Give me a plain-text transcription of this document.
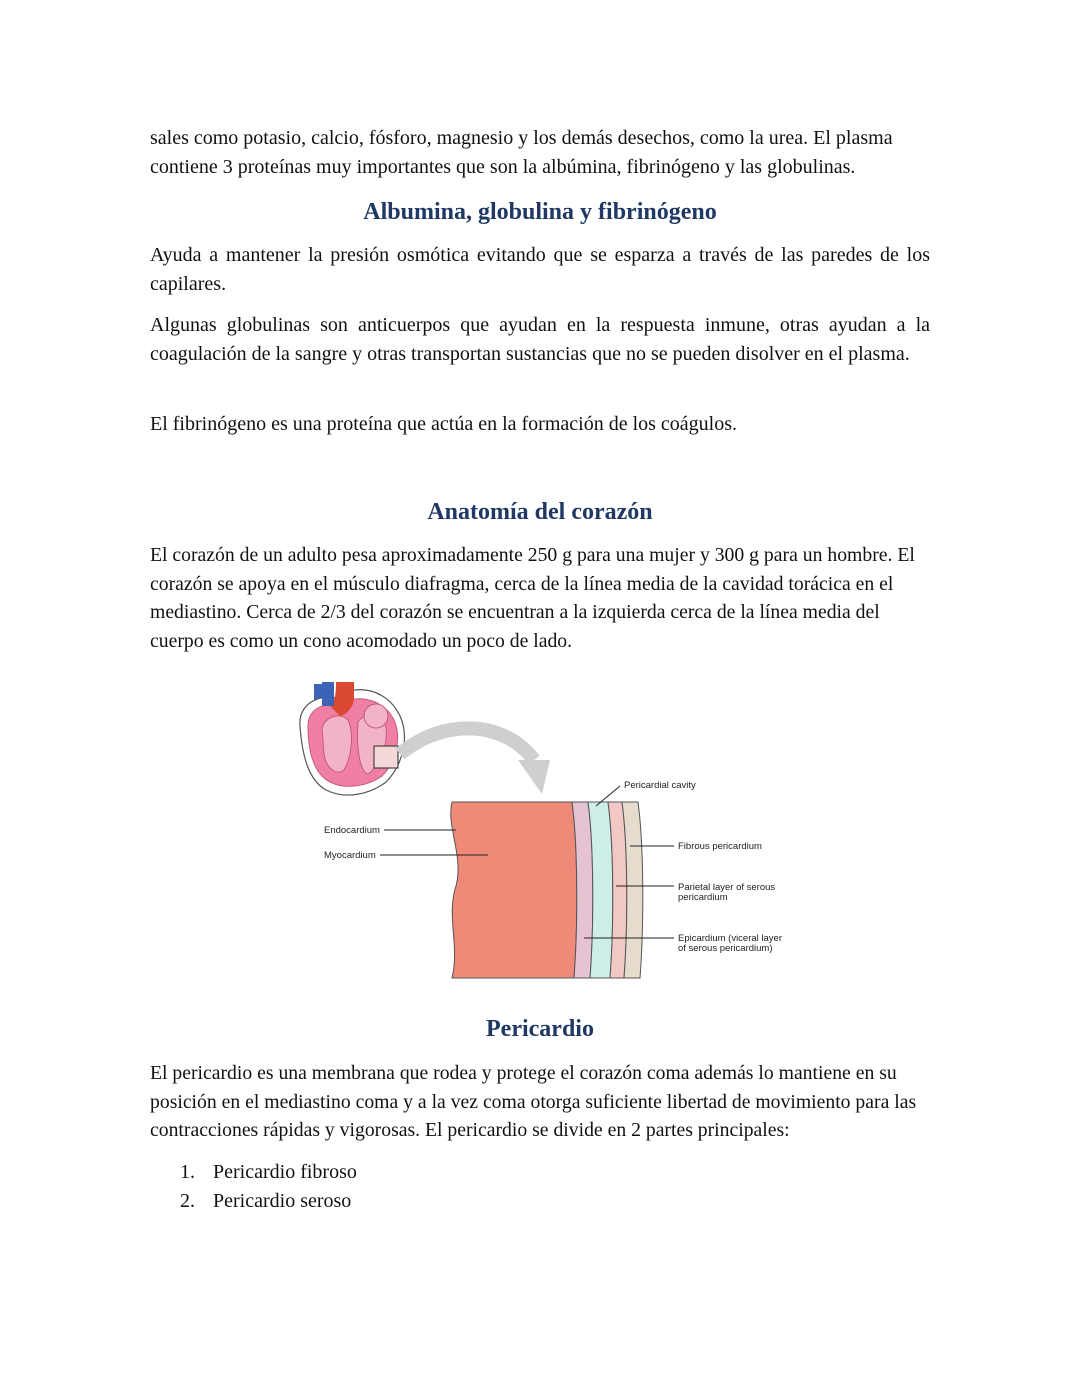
sales como potasio, calcio, fósforo, magnesio y los demás desechos, como la urea. El plasma contiene 3 proteínas muy importantes que son la albúmina, fibrinógeno y las globulinas.

Albumina, globulina y fibrinógeno

Ayuda a mantener la presión osmótica evitando que se esparza a través de las paredes de los capilares.

Algunas globulinas son anticuerpos que ayudan en la respuesta inmune, otras ayudan a la coagulación de la sangre y otras transportan sustancias que no se pueden disolver en el plasma.

El fibrinógeno es una proteína que actúa en la formación de los coágulos.

Anatomía del corazón

El corazón de un adulto pesa aproximadamente 250 g para una mujer y 300 g para un hombre. El corazón se apoya en el músculo diafragma, cerca de la línea media de la cavidad torácica en el mediastino. Cerca de 2/3 del corazón se encuentran a la izquierda cerca de la línea media del cuerpo es como un cono acomodado un poco de lado.

Pericardio

El pericardio es una membrana que rodea y protege el corazón coma además lo mantiene en su posición en el mediastino coma y a la vez coma otorga suficiente libertad de movimiento para las contracciones rápidas y vigorosas. El pericardio se divide en 2 partes principales:

1. Pericardio fibroso
2. Pericardio seroso
Pericardial cavity
Endocardium
Myocardium
Fibrous pericardium
Parietal layer of serous
pericardium
Epicardium (viceral layer
of serous pericardium)
